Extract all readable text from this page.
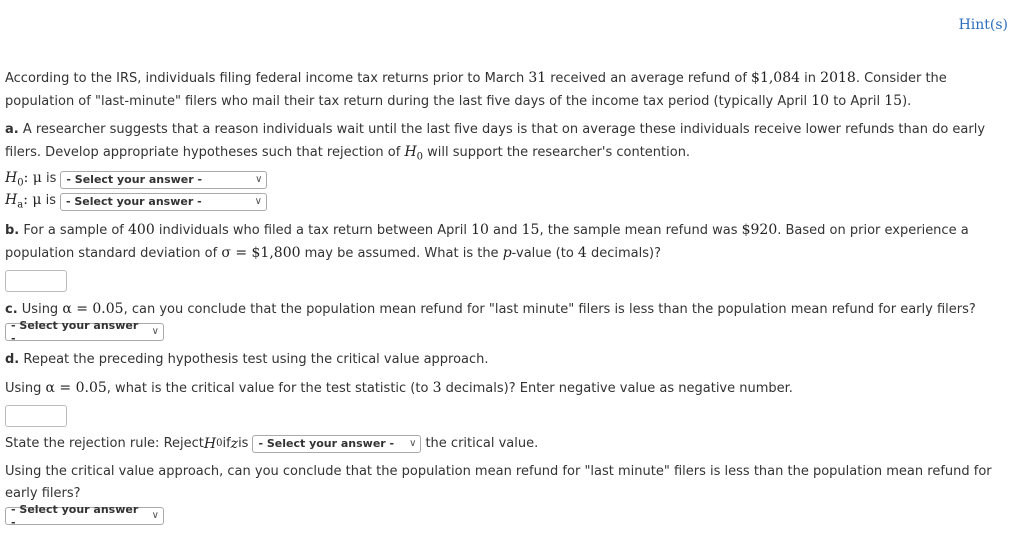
Hint(s)

According to the IRS, individuals filing federal income tax returns prior to March 31 received an average refund of $1,084 in 2018. Consider the population of "last-minute" filers who mail their tax return during the last five days of the income tax period (typically April 10 to April 15).

a. A researcher suggests that a reason individuals wait until the last five days is that on average these individuals receive lower refunds than do early filers. Develop appropriate hypotheses such that rejection of $H_0$ will support the researcher's contention.

$H_0$: μ is - Select your answer -	∨
$H_a$: μ is - Select your answer -	∨

b. For a sample of 400 individuals who filed a tax return between April 10 and 15, the sample mean refund was $920. Based on prior experience a population standard deviation of σ = $1,800 may be assumed. What is the p-value (to 4 decimals)?

c. Using α = 0.05, can you conclude that the population mean refund for "last minute" filers is less than the population mean refund for early filers?

- Select your answer -	∨

d. Repeat the preceding hypothesis test using the critical value approach.

Using α = 0.05, what is the critical value for the test statistic (to 3 decimals)? Enter negative value as negative number.

State the rejection rule: Reject H 0 if z is - Select your answer - ∨ the critical value.

Using the critical value approach, can you conclude that the population mean refund for "last minute" filers is less than the population mean refund for early filers?

- Select your answer -	∨
